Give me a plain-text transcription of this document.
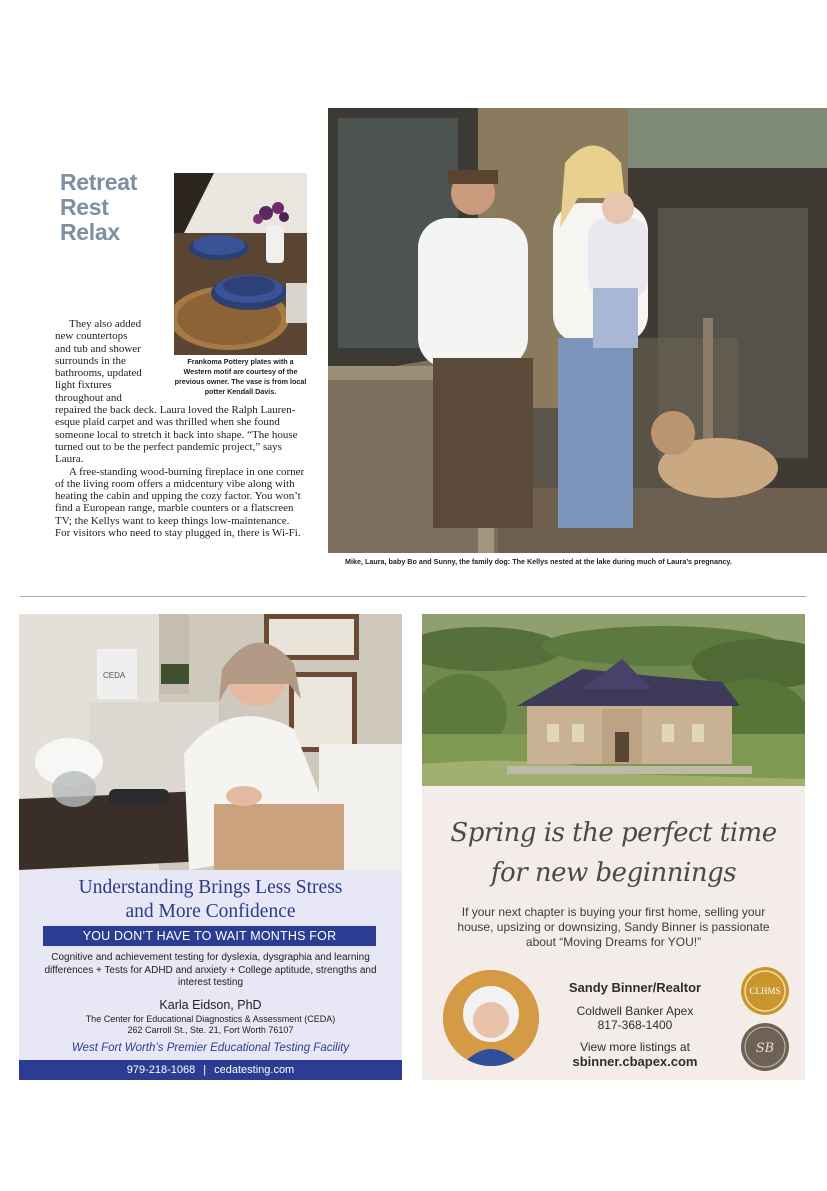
Retreat
Rest
Relax
Frankoma Pottery plates with a Western motif are courtesy of the previous owner. The vase is from local potter Kendall Davis.

They also added

new countertops

and tub and shower

surrounds in the

bathrooms, updated

light fixtures

throughout and

repaired the back deck. Laura loved the Ralph Lauren-esque plaid carpet and was thrilled when she found someone local to stretch it back into shape. “The house turned out to be the perfect pandemic project,” says Laura.

A free-standing wood-burning fireplace in one corner of the living room offers a midcentury vibe along with heating the cabin and upping the cozy factor. You won’t find a European range, marble counters or a flatscreen TV; the Kellys want to keep things low-maintenance. For visitors who need to stay plugged in, there is Wi-Fi.

Mike, Laura, baby Bo and Sunny, the family dog: The Kellys nested at the lake during much of Laura’s pregnancy.
CEDA
Understanding Brings Less Stress
and More Confidence
YOU DON’T HAVE TO WAIT MONTHS FOR
Cognitive and achievement testing for dyslexia, dysgraphia and learning differences + Tests for ADHD and anxiety + College aptitude, strengths and interest testing
Karla Eidson, PhD
The Center for Educational Diagnostics & Assessment (CEDA)
262 Carroll St., Ste. 21, Fort Worth 76107
West Fort Worth’s Premier Educational Testing Facility
979-218-1068 | cedatesting.com
Spring is the perfect time
for new beginnings
If your next chapter is buying your first home, selling your house, upsizing or downsizing, Sandy Binner is passionate about “Moving Dreams for YOU!”
Sandy Binner/Realtor
Coldwell Banker Apex
817-368-1400
View more listings at
sbinner.cbapex.com
CLHMS
SB
